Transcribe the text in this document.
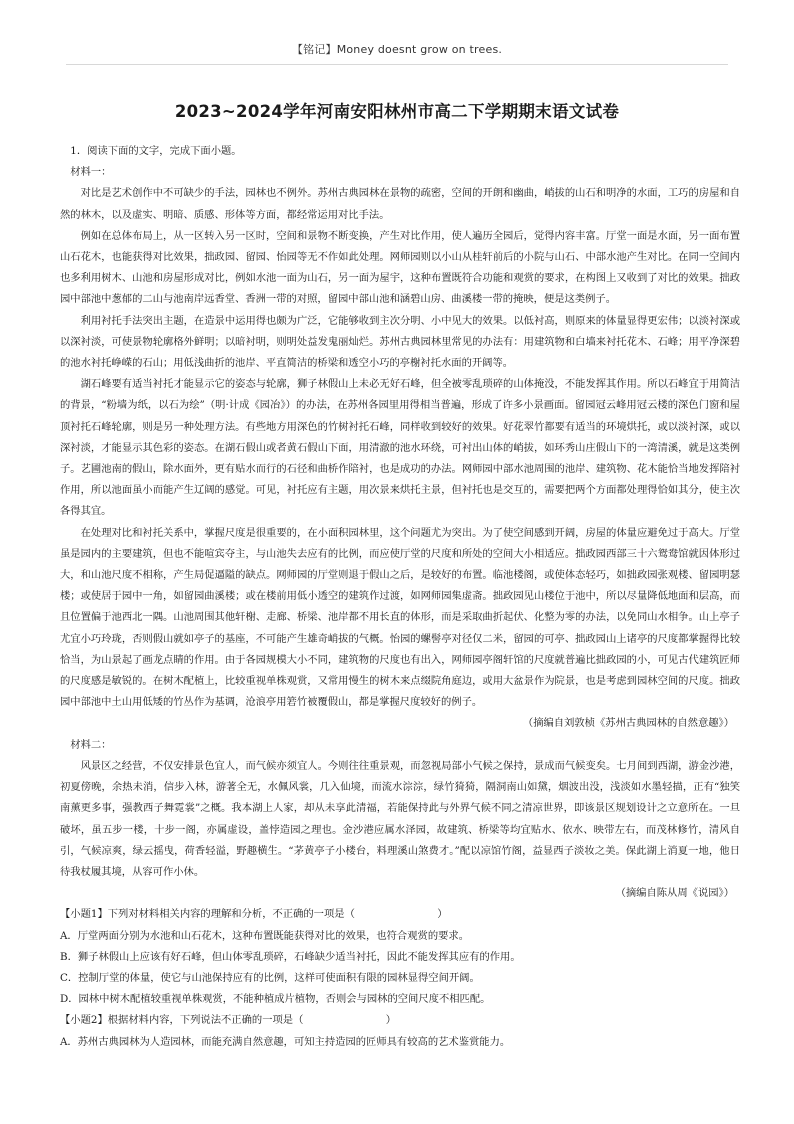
【铭记】Money doesnt grow on trees.
2023~2024学年河南安阳林州市高二下学期期末语文试卷

1．阅读下面的文字，完成下面小题。

材料一：

对比是艺术创作中不可缺少的手法，园林也不例外。苏州古典园林在景物的疏密，空间的开朗和幽曲，峭拔的山石和明净的水面，工巧的房屋和自然的林木，以及虚实、明暗、质感、形体等方面，都经常运用对比手法。

例如在总体布局上，从一区转入另一区时，空间和景物不断变换，产生对比作用，使人遍历全园后，觉得内容丰富。厅堂一面是水面，另一面布置山石花木，也能获得对比效果，拙政园、留园、怡园等无不作如此处理。网师园则以小山从桂轩前后的小院与山石、中部水池产生对比。在同一空间内也多利用树木、山池和房屋形成对比，例如水池一面为山石，另一面为屋宇，这种布置既符合功能和观赏的要求，在构图上又收到了对比的效果。拙政园中部池中葱郁的二山与池南岸远香堂、香洲一带的对照，留园中部山池和涵碧山房、曲溪楼一带的掩映，便是这类例子。

利用衬托手法突出主题，在造景中运用得也颇为广泛，它能够收到主次分明、小中见大的效果。以低衬高，则原来的体量显得更宏伟；以淡衬深或以深衬淡，可使景物轮廓格外鲜明；以暗衬明，则明处益发鬼丽灿烂。苏州古典园林里常见的办法有：用建筑物和白墙来衬托花木、石峰；用平净深碧的池水衬托峥嵘的石山；用低浅曲折的池岸、平直简洁的桥梁和透空小巧的亭榭衬托水面的开阔等。

湖石峰要有适当衬托才能显示它的姿态与轮廓，狮子林假山上未必无好石峰，但全被零乱琐碎的山体掩没，不能发挥其作用。所以石峰宜于用简洁的背景，“粉墙为纸，以石为绘”（明·计成《园冶》）的办法，在苏州各园里用得相当普遍，形成了许多小景画面。留园冠云峰用冠云楼的深色门窗和屋顶衬托石峰轮廓，则是另一种处理方法。有些地方用深色的竹树衬托石峰，同样收到较好的效果。好花翠竹都要有适当的环境烘托，或以淡衬深，或以深衬淡，才能显示其色彩的姿态。在湖石假山或者黄石假山下面，用清澈的池水环绕，可衬出山体的峭拔，如环秀山庄假山下的一湾清溪，就是这类例子。艺圃池南的假山，除水面外，更有贴水而行的石径和曲桥作陪衬，也是成功的办法。网师园中部水池周围的池岸、建筑物、花木能恰当地发挥陪衬作用，所以池面虽小而能产生辽阔的感觉。可见，衬托应有主题，用次景来烘托主景，但衬托也是交互的，需要把两个方面都处理得恰如其分，使主次各得其宜。

在处理对比和衬托关系中，掌握尺度是很重要的，在小面积园林里，这个问题尤为突出。为了使空间感到开阔，房屋的体量应避免过于高大。厅堂虽是园内的主要建筑，但也不能喧宾夺主，与山池失去应有的比例，而应使厅堂的尺度和所处的空间大小相适应。拙政园西部三十六鸳鸯馆就因体形过大，和山池尺度不相称，产生局促逼隘的缺点。网师园的厅堂则退于假山之后，是较好的布置。临池楼阁，或使体态轻巧，如拙政园张观楼、留园明瑟楼；或使居于园中一角，如留园曲溪楼；或在楼前用低小透空的建筑作过渡，如网师园集虚斋。拙政园见山楼位于池中，所以尽量降低地面和层高，而且位置偏于池西北一隅。山池周围其他轩榭、走廊、桥梁、池岸都不用长直的体形，而是采取曲折起伏、化整为零的办法，以免同山水相争。山上亭子尤宜小巧玲珑，否则假山就如亭子的基座，不可能产生雄奇峭拔的气概。怡园的螺髻亭对径仅二米，留园的可亭、拙政园山上诸亭的尺度都掌握得比较恰当，为山景起了画龙点睛的作用。由于各园规模大小不同，建筑物的尺度也有出入，网师园亭阁轩馆的尺度就普遍比拙政园的小，可见古代建筑匠师的尺度感是敏锐的。在树木配植上，比较重视单株观赏，又常用慢生的树木来点缀院角庭边，或用大盆景作为院景，也是考虑到园林空间的尺度。拙政园中部池中土山用低矮的竹丛作为基调，沧浪亭用箬竹被覆假山，都是掌握尺度较好的例子。

（摘编自刘敦桢《苏州古典园林的自然意趣》）

材料二：

风景区之经营，不仅安排景色宜人，而气候亦须宜人。今则往往重景观，而忽视局部小气候之保持，景成而气候变矣。七月间到西湖，游金沙港，初夏傍晚，余热未消，信步入林，游著全无，水佩风裳，几入仙境，而流水淙淙，绿竹猗猗，隔洞南山如黛，烟波出没，浅淡如水墨轻描，正有“独笑南薰更多事，强教西子舞霓裳”之概。我本湖上人家，却从未享此清福，若能保持此与外界气候不同之清凉世界，即该景区规划设计之立意所在。一旦破坏，虽五步一楼，十步一阁，亦属虚设，盖悖造园之理也。金沙港应属水泽园，故建筑、桥梁等均宜贴水、依水、映带左右，而茂林修竹，清风自引，气候凉爽，绿云摇曳，荷香轻溢，野趣横生。“茅黄亭子小楼台，料理溪山煞费才。”配以凉馆竹阁，益显西子淡妆之美。保此湖上消夏一地，他日待我杖履其境，从容可作小休。

（摘编自陈从周《说园》）

【小题1】下列对材料相关内容的理解和分析，不正确的一项是（　　　　　　　　）

A．厅堂两面分别为水池和山石花木，这种布置既能获得对比的效果，也符合观赏的要求。

B．狮子林假山上应该有好石峰，但山体零乱琐碎，石峰缺少适当衬托，因此不能发挥其应有的作用。

C．控制厅堂的体量，使它与山池保持应有的比例，这样可使面积有限的园林显得空间开阔。

D．园林中树木配植较重视单株观赏，不能种植成片植物，否则会与园林的空间尺度不相匹配。

【小题2】根据材料内容，下列说法不正确的一项是（　　　　　　　　）

A．苏州古典园林为人造园林，而能充满自然意趣，可知主持造园的匠师具有较高的艺术鉴赏能力。
